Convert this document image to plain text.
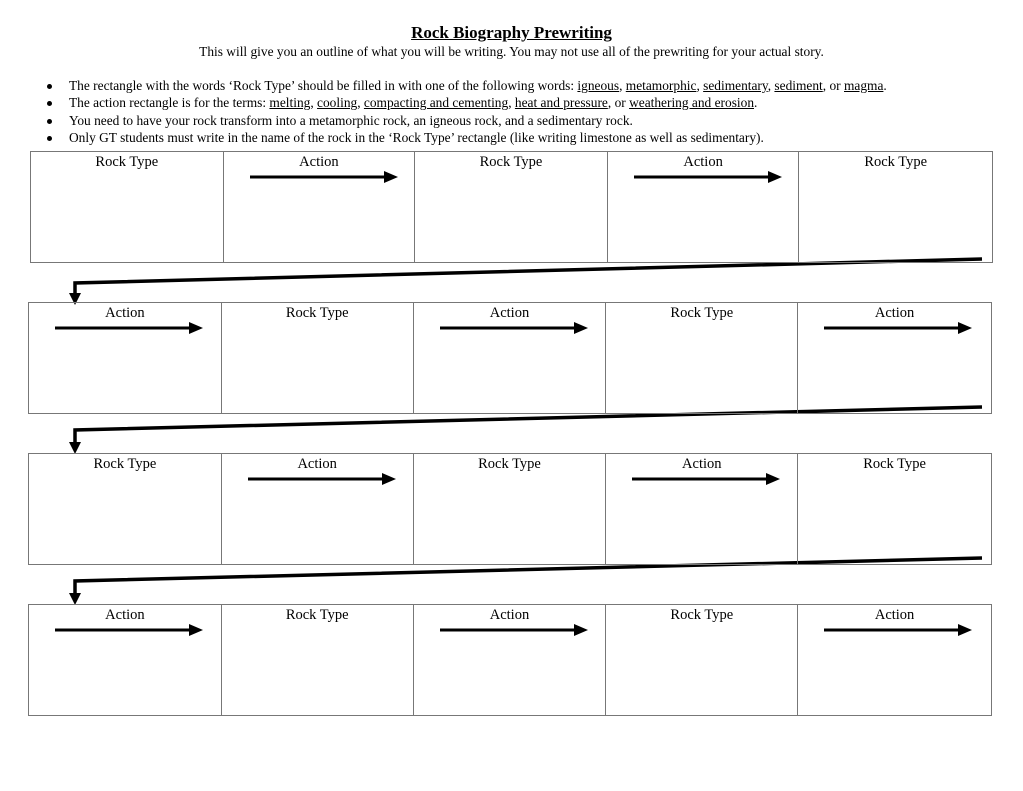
Rock Biography Prewriting
This will give you an outline of what you will be writing. You may not use all of the prewriting for your actual story.
The rectangle with the words ‘Rock Type’ should be filled in with one of the following words: igneous, metamorphic, sedimentary, sediment, or magma.
The action rectangle is for the terms: melting, cooling, compacting and cementing, heat and pressure, or weathering and erosion.
You need to have your rock transform into a metamorphic rock, an igneous rock, and a sedimentary rock.
Only GT students must write in the name of the rock in the ‘Rock Type’ rectangle (like writing limestone as well as sedimentary).
Rock Type	Action	Rock Type	Action	Rock Type
Action	Rock Type	Action	Rock Type	Action
Rock Type	Action	Rock Type	Action	Rock Type
Action	Rock Type	Action	Rock Type	Action
